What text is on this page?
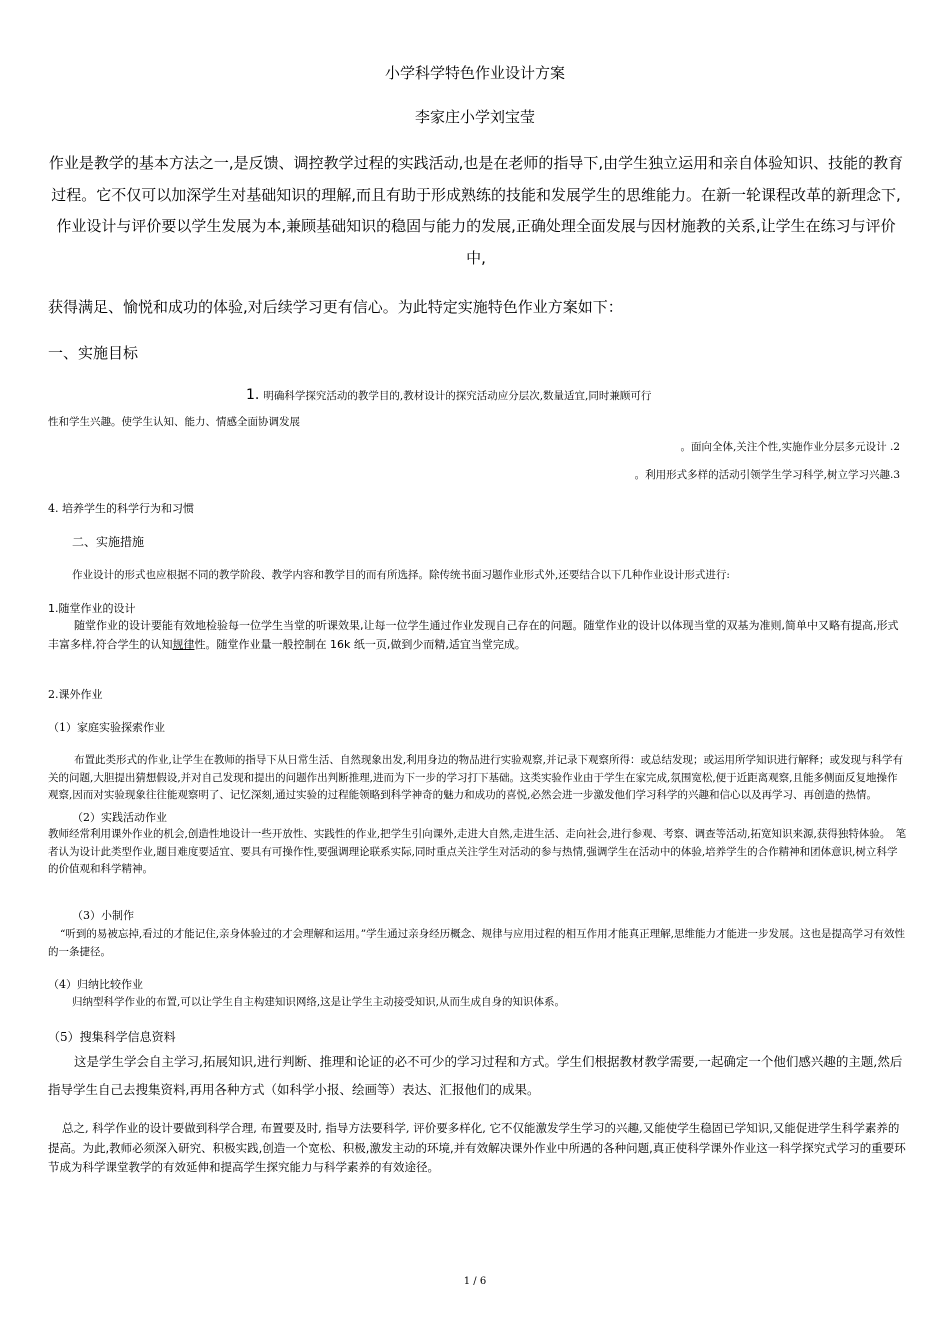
小学科学特色作业设计方案

李家庄小学刘宝莹

作业是教学的基本方法之一,是反馈、调控教学过程的实践活动,也是在老师的指导下,由学生独立运用和亲自体验知识、技能的教育过程。它不仅可以加深学生对基础知识的理解,而且有助于形成熟练的技能和发展学生的思维能力。在新一轮课程改革的新理念下,作业设计与评价要以学生发展为本,兼顾基础知识的稳固与能力的发展,正确处理全面发展与因材施教的关系,让学生在练习与评价中,

获得满足、愉悦和成功的体验,对后续学习更有信心。为此特定实施特色作业方案如下：

一、实施目标

1. 明确科学探究活动的教学目的,教材设计的探究活动应分层次,数量适宜,同时兼顾可行

性和学生兴趣。使学生认知、能力、情感全面协调发展

。面向全体,关注个性,实施作业分层多元设计 .2

。利用形式多样的活动引领学生学习科学,树立学习兴趣.3

4. 培养学生的科学行为和习惯

二、实施措施

作业设计的形式也应根据不同的教学阶段、教学内容和教学目的而有所选择。除传统书面习题作业形式外,还要结合以下几种作业设计形式进行:

1.随堂作业的设计

随堂作业的设计要能有效地检验每一位学生当堂的听课效果,让每一位学生通过作业发现自己存在的问题。随堂作业的设计以体现当堂的双基为准则,简单中又略有提高,形式丰富多样,符合学生的认知规律性。随堂作业量一般控制在 16k 纸一页,做到少而精,适宜当堂完成。

2.课外作业

（1）家庭实验探索作业

布置此类形式的作业,让学生在教师的指导下从日常生活、自然现象出发,利用身边的物品进行实验观察,并记录下观察所得：或总结发现；或运用所学知识进行解释；或发现与科学有关的问题,大胆提出猜想假设,并对自己发现和提出的问题作出判断推理,进而为下一步的学习打下基础。这类实验作业由于学生在家完成,氛围宽松,便于近距离观察,且能多侧面反复地操作观察,因而对实验现象往往能观察明了、记忆深刻,通过实验的过程能领略到科学神奇的魅力和成功的喜悦,必然会进一步激发他们学习科学的兴趣和信心以及再学习、再创造的热情。

（2）实践活动作业

教师经常利用课外作业的机会,创造性地设计一些开放性、实践性的作业,把学生引向课外,走进大自然,走进生活、走向社会,进行参观、考察、调查等活动,拓宽知识来源,获得独特体验。　笔者认为设计此类型作业,题目难度要适宜、要具有可操作性,要强调理论联系实际,同时重点关注学生对活动的参与热情,强调学生在活动中的体验,培养学生的合作精神和团体意识,树立科学的价值观和科学精神。

（3）小制作

“听到的易被忘掉,看过的才能记住,亲身体验过的才会理解和运用。”学生通过亲身经历概念、规律与应用过程的相互作用才能真正理解,思维能力才能进一步发展。这也是提高学习有效性的一条捷径。

（4）归纳比较作业

归纳型科学作业的布置,可以让学生自主构建知识网络,这是让学生主动接受知识,从而生成自身的知识体系。

（5）搜集科学信息资料

这是学生学会自主学习,拓展知识,进行判断、推理和论证的必不可少的学习过程和方式。学生们根据教材教学需要,一起确定一个他们感兴趣的主题,然后指导学生自己去搜集资料,再用各种方式（如科学小报、绘画等）表达、汇报他们的成果。

总之, 科学作业的设计要做到科学合理, 布置要及时, 指导方法要科学, 评价要多样化, 它不仅能激发学生学习的兴趣,又能使学生稳固已学知识,又能促进学生科学素养的提高。为此,教师必须深入研究、积极实践,创造一个宽松、积极,激发主动的环境,并有效解决课外作业中所遇的各种问题,真正使科学课外作业这一科学探究式学习的重要环节成为科学课堂教学的有效延伸和提高学生探究能力与科学素养的有效途径。

1 / 6
